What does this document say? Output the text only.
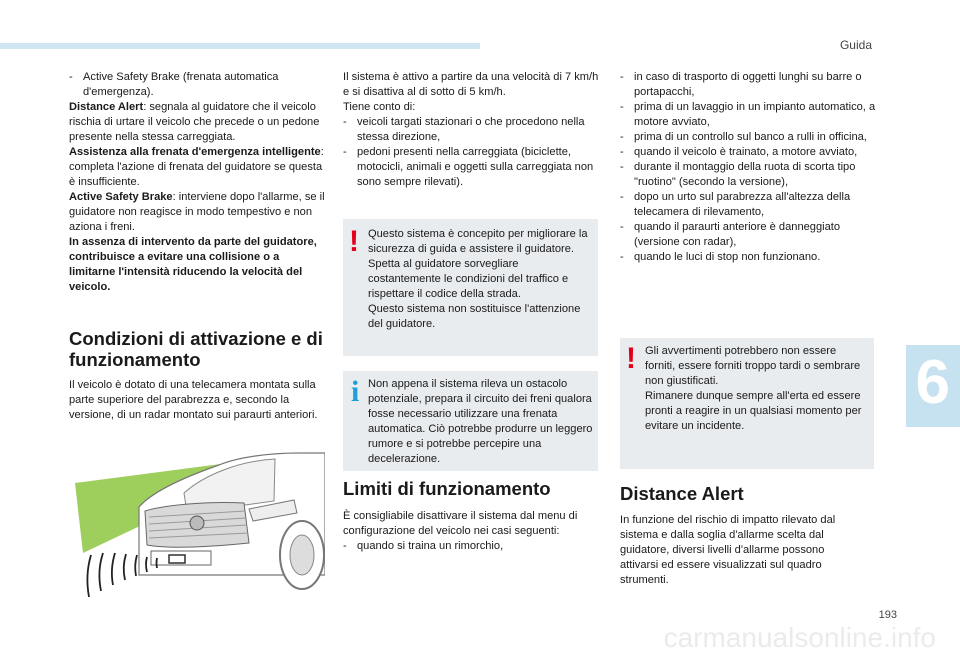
Guida
6
193

- Active Safety Brake (frenata automatica d'emergenza).

Distance Alert: segnala al guidatore che il veicolo rischia di urtare il veicolo che precede o un pedone presente nella stessa carreggiata.

Assistenza alla frenata d'emergenza intelligente: completa l'azione di frenata del guidatore se questa è insufficiente.

Active Safety Brake: interviene dopo l'allarme, se il guidatore non reagisce in modo tempestivo e non aziona i freni.

In assenza di intervento da parte del guidatore, contribuisce a evitare una collisione o a limitarne l'intensità riducendo la velocità del veicolo.

Condizioni di attivazione e di funzionamento
Il veicolo è dotato di una telecamera montata sulla parte superiore del parabrezza e, secondo la versione, di un radar montato sui paraurti anteriori.

Il sistema è attivo a partire da una velocità di 7 km/h e si disattiva al di sotto di 5 km/h.

Tiene conto di:

- veicoli targati stazionari o che procedono nella stessa direzione,

- pedoni presenti nella carreggiata (biciclette, motocicli, animali e oggetti sulla carreggiata non sono sempre rilevati).

! Questo sistema è concepito per migliorare la sicurezza di guida e assistere il guidatore.
Spetta al guidatore sorvegliare costantemente le condizioni del traffico e rispettare il codice della strada.
Questo sistema non sostituisce l'attenzione del guidatore.
i Non appena il sistema rileva un ostacolo potenziale, prepara il circuito dei freni qualora fosse necessario utilizzare una frenata automatica. Ciò potrebbe produrre un leggero rumore e si potrebbe percepire una decelerazione.
Limiti di funzionamento

È consigliabile disattivare il sistema dal menu di configurazione del veicolo nei casi seguenti:

- quando si traina un rimorchio,

- in caso di trasporto di oggetti lunghi su barre o portapacchi,

- prima di un lavaggio in un impianto automatico, a motore avviato,

- prima di un controllo sul banco a rulli in officina,

- quando il veicolo è trainato, a motore avviato,

- durante il montaggio della ruota di scorta tipo "ruotino" (secondo la versione),

- dopo un urto sul parabrezza all'altezza della telecamera di rilevamento,

- quando il paraurti anteriore è danneggiato (versione con radar),

- quando le luci di stop non funzionano.

! Gli avvertimenti potrebbero non essere forniti, essere forniti troppo tardi o sembrare non giustificati.
Rimanere dunque sempre all'erta ed essere pronti a reagire in un qualsiasi momento per evitare un incidente.
Distance Alert
In funzione del rischio di impatto rilevato dal sistema e dalla soglia d'allarme scelta dal guidatore, diversi livelli d'allarme possono attivarsi ed essere visualizzati sul quadro strumenti.
carmanualsonline.info
